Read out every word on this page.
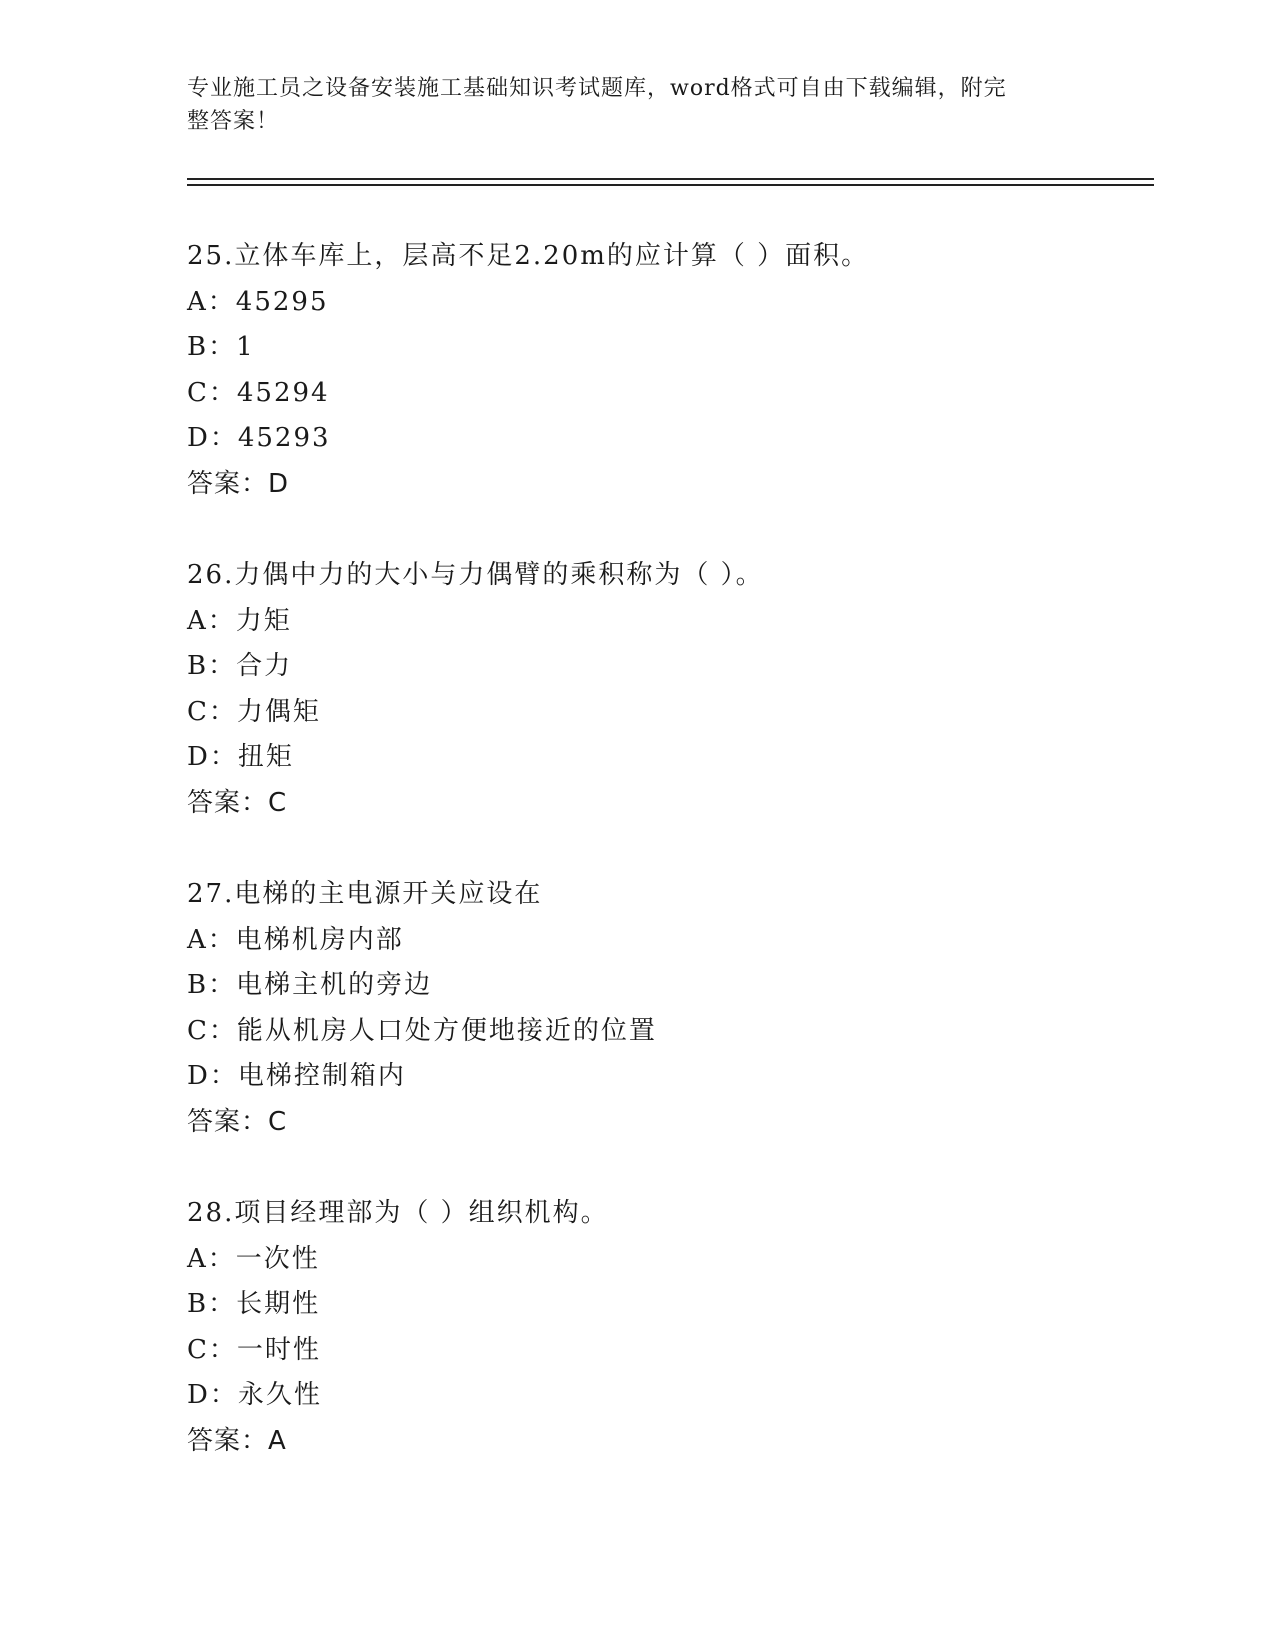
专业施工员之设备安装施工基础知识考试题库，word格式可自由下载编辑，附完
整答案！
25.立体车库上，层高不足2.20m的应计算（ ）面积。
A：45295
B：1
C：45294
D：45293
答案：D
26.力偶中力的大小与力偶臂的乘积称为（ ）。
A：力矩
B：合力
C：力偶矩
D：扭矩
答案：C
27.电梯的主电源开关应设在
A：电梯机房内部
B：电梯主机的旁边
C：能从机房人口处方便地接近的位置
D：电梯控制箱内
答案：C
28.项目经理部为（ ）组织机构。
A：一次性
B：长期性
C：一时性
D：永久性
答案：A
